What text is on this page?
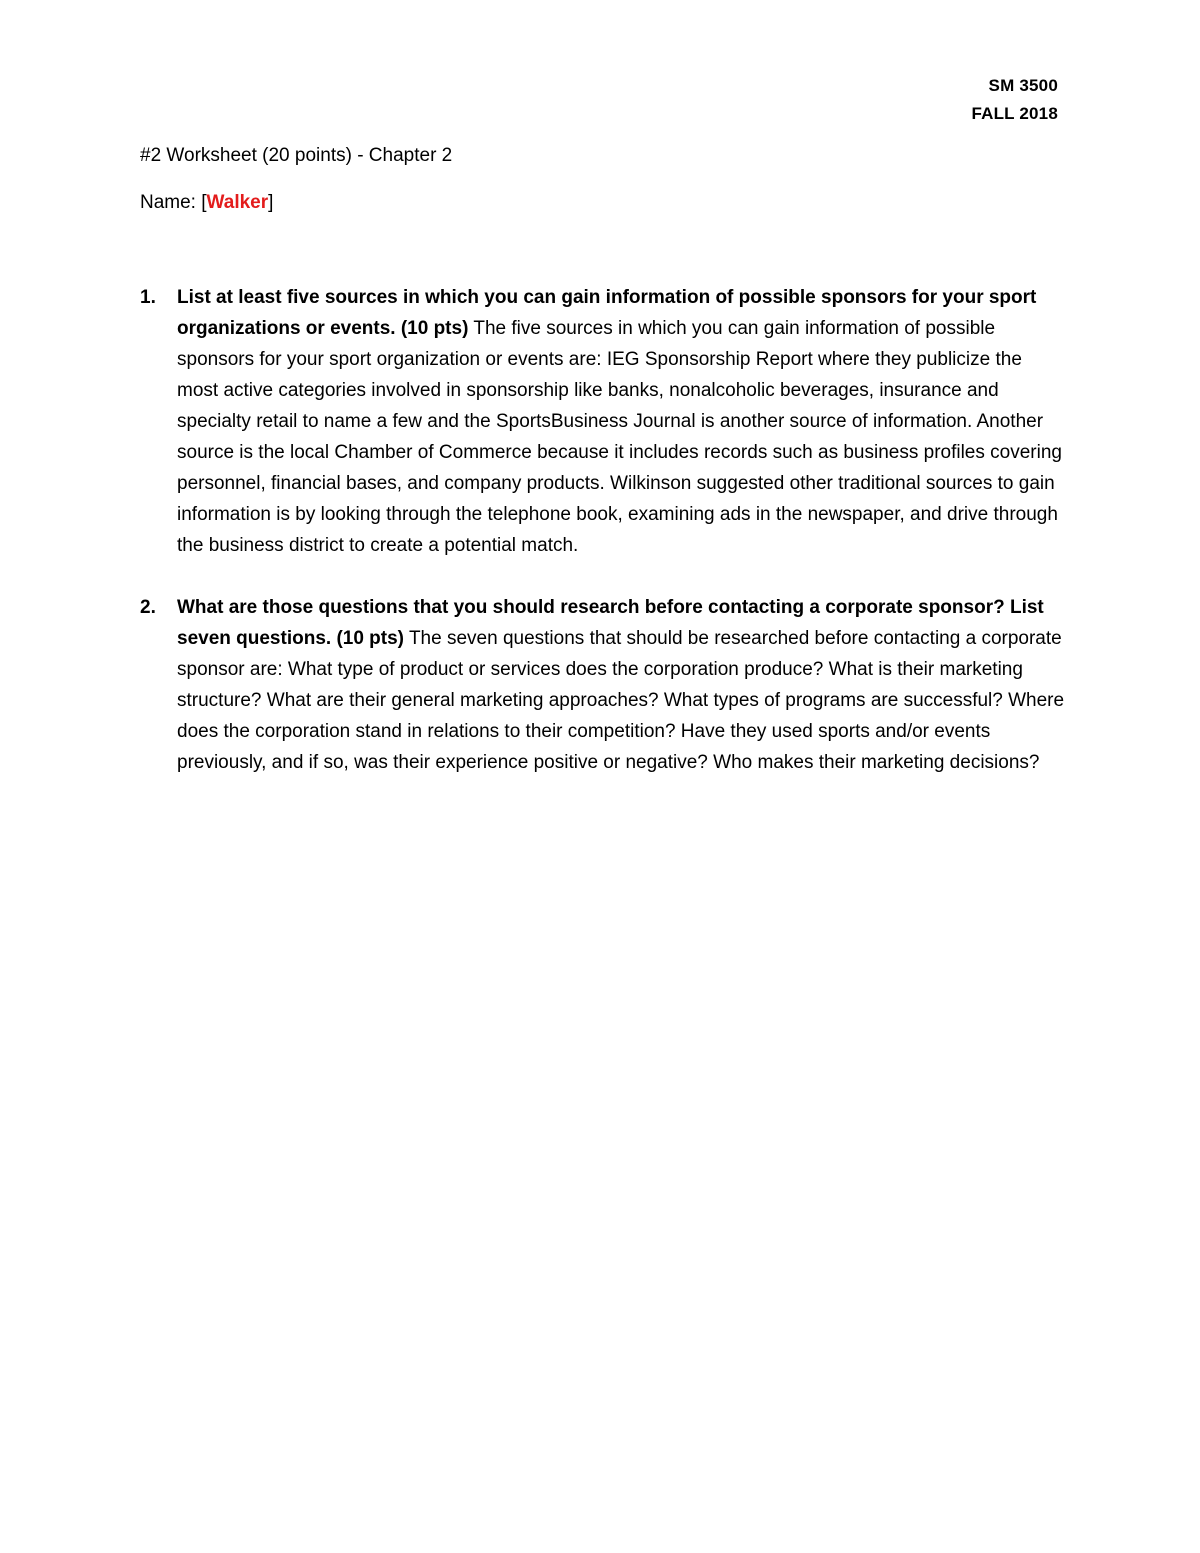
SM 3500
FALL 2018
#2 Worksheet (20 points) - Chapter 2
Name: [Walker]
1. List at least five sources in which you can gain information of possible sponsors for your sport organizations or events. (10 pts) The five sources in which you can gain information of possible sponsors for your sport organization or events are: IEG Sponsorship Report where they publicize the most active categories involved in sponsorship like banks, nonalcoholic beverages, insurance and specialty retail to name a few and the SportsBusiness Journal is another source of information. Another source is the local Chamber of Commerce because it includes records such as business profiles covering personnel, financial bases, and company products. Wilkinson suggested other traditional sources to gain information is by looking through the telephone book, examining ads in the newspaper, and drive through the business district to create a potential match.
2. What are those questions that you should research before contacting a corporate sponsor? List seven questions. (10 pts) The seven questions that should be researched before contacting a corporate sponsor are: What type of product or services does the corporation produce? What is their marketing structure? What are their general marketing approaches? What types of programs are successful? Where does the corporation stand in relations to their competition? Have they used sports and/or events previously, and if so, was their experience positive or negative? Who makes their marketing decisions?
